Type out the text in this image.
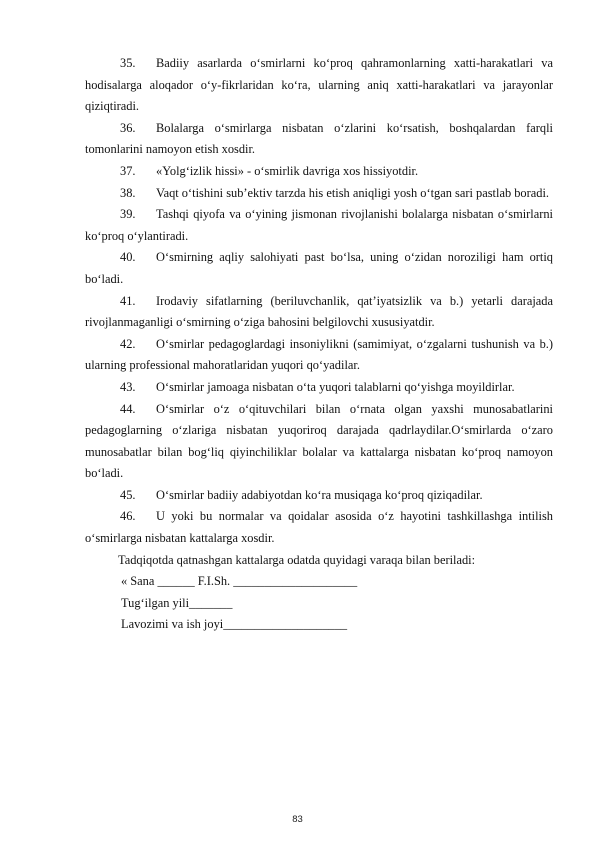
35. Badiiy asarlarda o‘smirlarni ko‘proq qahramonlarning xatti-harakatlari va hodisalarga aloqador o‘y-fikrlaridan ko‘ra, ularning aniq xatti-harakatlari va jarayonlar qiziqtiradi.

36. Bolalarga o‘smirlarga nisbatan o‘zlarini ko‘rsatish, boshqalardan farqli tomonlarini namoyon etish xosdir.

37. «Yolg‘izlik hissi» - o‘smirlik davriga xos hissiyotdir.

38. Vaqt o‘tishini sub’ektiv tarzda his etish aniqligi yosh o‘tgan sari pastlab boradi.

39. Tashqi qiyofa va o‘yining jismonan rivojlanishi bolalarga nisbatan o‘smirlarni ko‘proq o‘ylantiradi.

40. O‘smirning aqliy salohiyati past bo‘lsa, uning o‘zidan noroziligi ham ortiq bo‘ladi.

41. Irodaviy sifatlarning (beriluvchanlik, qat’iyatsizlik va b.) yetarli darajada rivojlanmaganligi o‘smirning o‘ziga bahosini belgilovchi xususiyatdir.

42. O‘smirlar pedagoglardagi insoniylikni (samimiyat, o‘zgalarni tushunish va b.) ularning professional mahoratlaridan yuqori qo‘yadilar.

43. O‘smirlar jamoaga nisbatan o‘ta yuqori talablarni qo‘yishga moyildirlar.

44. O‘smirlar o‘z o‘qituvchilari bilan o‘rnata olgan yaxshi munosabatlarini pedagoglarning o‘zlariga nisbatan yuqoriroq darajada qadrlaydilar.O‘smirlarda o‘zaro munosabatlar bilan bog‘liq qiyinchiliklar bolalar va kattalarga nisbatan ko‘proq namoyon bo‘ladi.

45. O‘smirlar badiiy adabiyotdan ko‘ra musiqaga ko‘proq qiziqadilar.

46. U yoki bu normalar va qoidalar asosida o‘z hayotini tashkillashga intilish o‘smirlarga nisbatan kattalarga xosdir.

Tadqiqotda qatnashgan kattalarga odatda quyidagi varaqa bilan beriladi:

« Sana ______ F.I.Sh. ____________________

Tug‘ilgan yili_______

Lavozimi va ish joyi____________________

83
